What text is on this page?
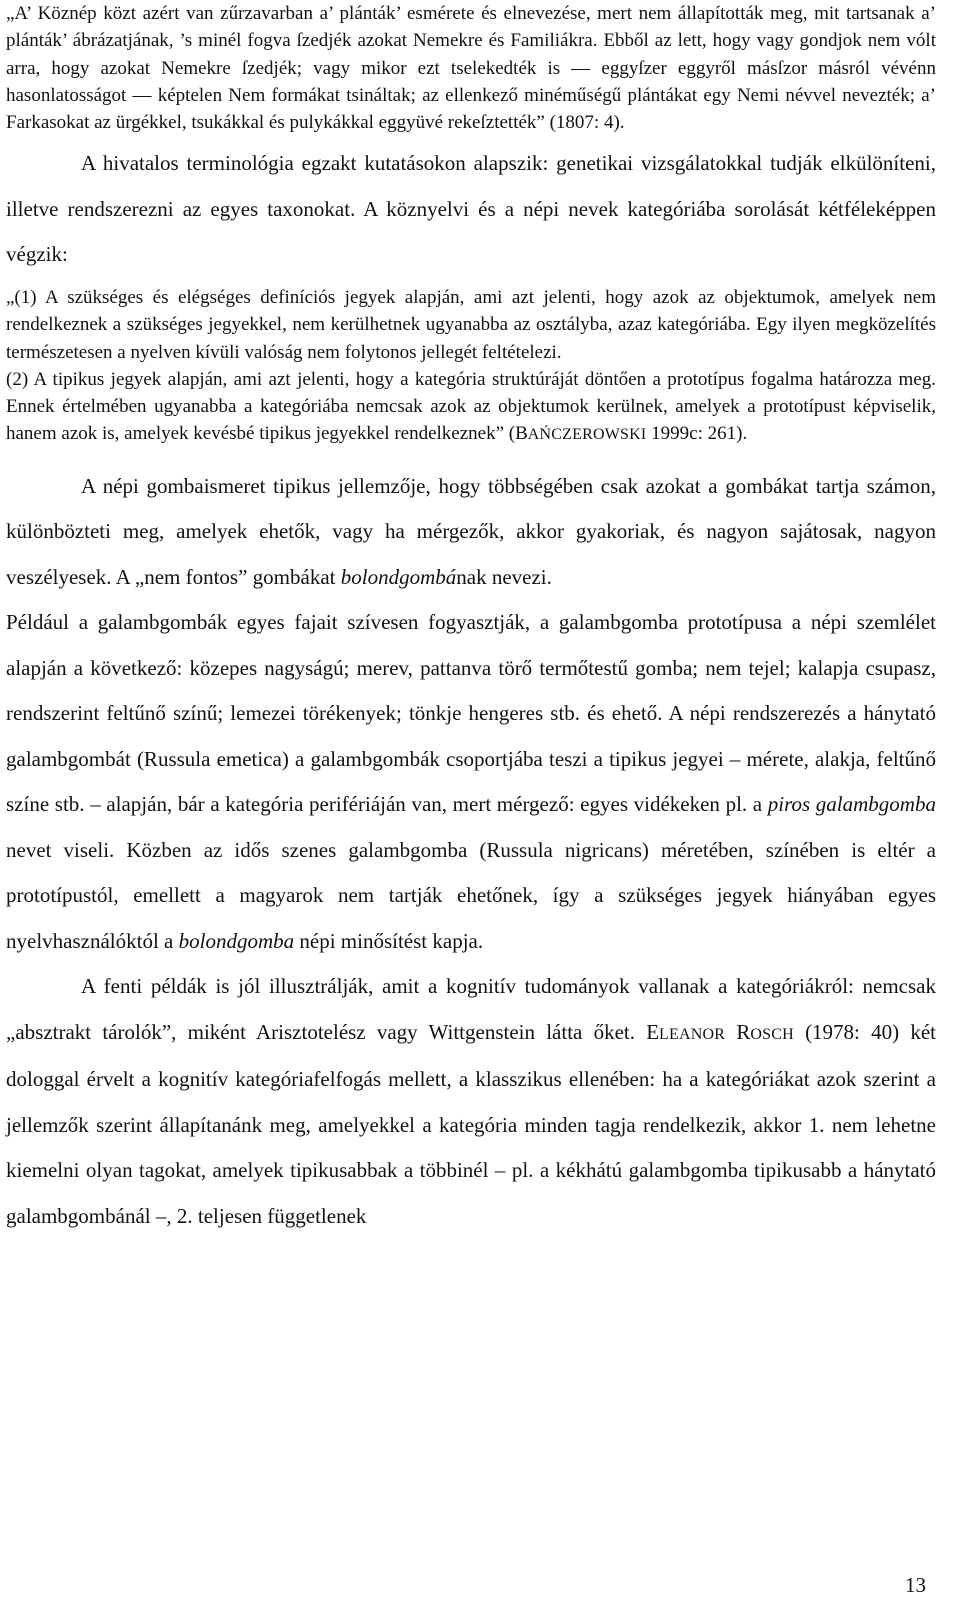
„A’ Köznép közt azért van zűrzavarban a’ plánták’ esmérete és elnevezése, mert nem állapították meg, mit tartsanak a’ plánták’ ábrázatjának, ’s minél fogva ſzedjék azokat Nemekre és Familiákra. Ebből az lett, hogy vagy gondjok nem vólt arra, hogy azokat Nemekre ſzedjék; vagy mikor ezt tselekedték is — eggyſzer eggyről másſzor másról vévénn hasonlatosságot — képtelen Nem formákat tsináltak; az ellenkező minéműségű plántákat egy Nemi névvel nevezték; a’ Farkasokat az ürgékkel, tsukákkal és pulykákkal eggyüvé rekeſztették” (1807: 4).

A hivatalos terminológia egzakt kutatásokon alapszik: genetikai vizsgálatokkal tudják elkülöníteni, illetve rendszerezni az egyes taxonokat. A köznyelvi és a népi nevek kategóriába sorolását kétféleképpen végzik:

„(1) A szükséges és elégséges definíciós jegyek alapján, ami azt jelenti, hogy azok az objektumok, amelyek nem rendelkeznek a szükséges jegyekkel, nem kerülhetnek ugyanabba az osztályba, azaz kategóriába. Egy ilyen megközelítés természetesen a nyelven kívüli valóság nem folytonos jellegét feltételezi.

(2) A tipikus jegyek alapján, ami azt jelenti, hogy a kategória struktúráját döntően a prototípus fogalma határozza meg. Ennek értelmében ugyanabba a kategóriába nemcsak azok az objektumok kerülnek, amelyek a prototípust képviselik, hanem azok is, amelyek kevésbé tipikus jegyekkel rendelkeznek” (BAŃCZEROWSKI 1999c: 261).

A népi gombaismeret tipikus jellemzője, hogy többségében csak azokat a gombákat tartja számon, különbözteti meg, amelyek ehetők, vagy ha mérgezők, akkor gyakoriak, és nagyon sajátosak, nagyon veszélyesek. A „nem fontos” gombákat bolondgombának nevezi.

Például a galambgombák egyes fajait szívesen fogyasztják, a galambgomba prototípusa a népi szemlélet alapján a következő: közepes nagyságú; merev, pattanva törő termőtestű gomba; nem tejel; kalapja csupasz, rendszerint feltűnő színű; lemezei törékenyek; tönkje hengeres stb. és ehető. A népi rendszerezés a hánytató galambgombát (Russula emetica) a galambgombák csoportjába teszi a tipikus jegyei – mérete, alakja, feltűnő színe stb. – alapján, bár a kategória perifériáján van, mert mérgező: egyes vidékeken pl. a piros galambgomba nevet viseli. Közben az idős szenes galambgomba (Russula nigricans) méretében, színében is eltér a prototípustól, emellett a magyarok nem tartják ehetőnek, így a szükséges jegyek hiányában egyes nyelvhasználóktól a bolondgomba népi minősítést kapja.

A fenti példák is jól illusztrálják, amit a kognitív tudományok vallanak a kategóriákról: nemcsak „absztrakt tárolók”, miként Arisztotelész vagy Wittgenstein látta őket. ELEANOR ROSCH (1978: 40) két dologgal érvelt a kognitív kategóriafelfogás mellett, a klasszikus ellenében: ha a kategóriákat azok szerint a jellemzők szerint állapítanánk meg, amelyekkel a kategória minden tagja rendelkezik, akkor 1. nem lehetne kiemelni olyan tagokat, amelyek tipikusabbak a többinél – pl. a kékhátú galambgomba tipikusabb a hánytató galambgombánál –, 2. teljesen függetlenek

13
